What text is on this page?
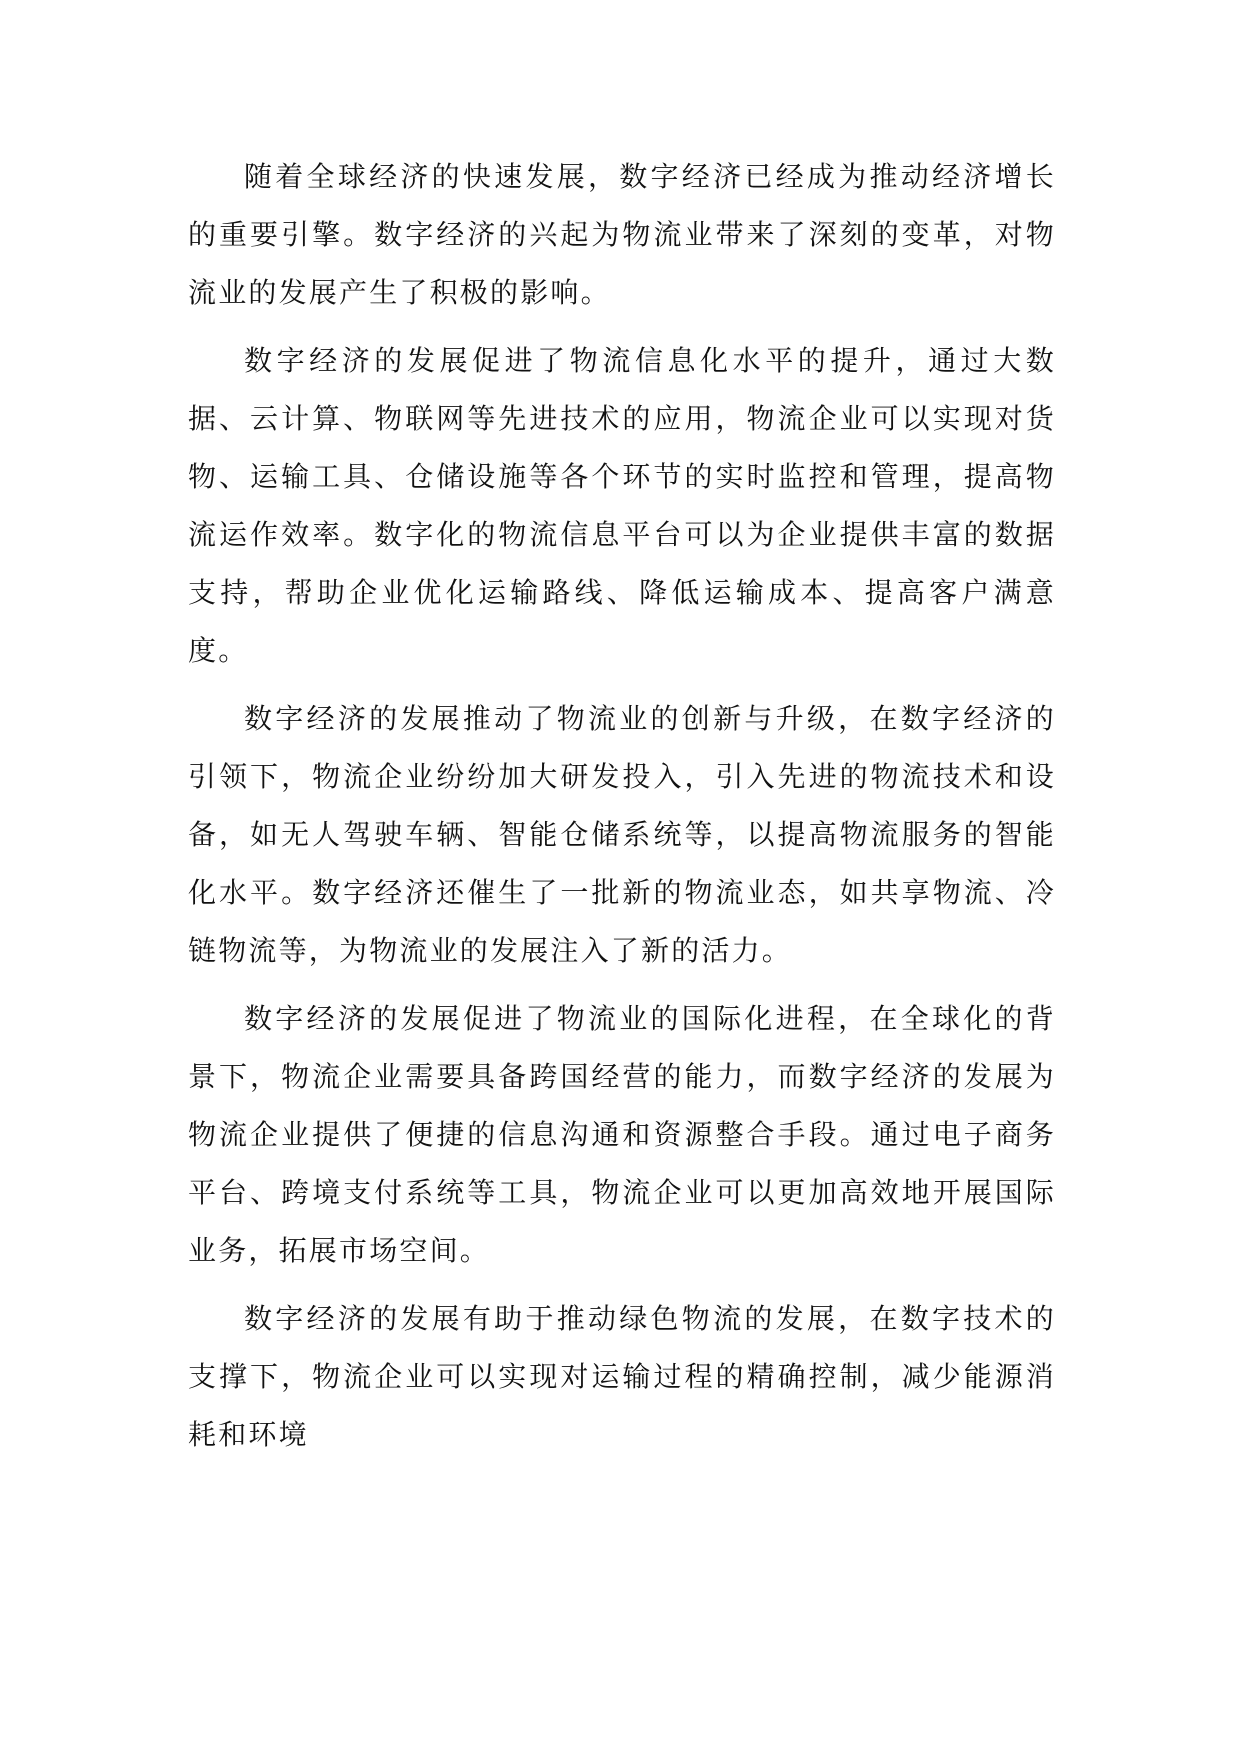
随着全球经济的快速发展，数字经济已经成为推动经济增长的重要引擎。数字经济的兴起为物流业带来了深刻的变革，对物流业的发展产生了积极的影响。

数字经济的发展促进了物流信息化水平的提升，通过大数据、云计算、物联网等先进技术的应用，物流企业可以实现对货物、运输工具、仓储设施等各个环节的实时监控和管理，提高物流运作效率。数字化的物流信息平台可以为企业提供丰富的数据支持，帮助企业优化运输路线、降低运输成本、提高客户满意度。

数字经济的发展推动了物流业的创新与升级，在数字经济的引领下，物流企业纷纷加大研发投入，引入先进的物流技术和设备，如无人驾驶车辆、智能仓储系统等，以提高物流服务的智能化水平。数字经济还催生了一批新的物流业态，如共享物流、冷链物流等，为物流业的发展注入了新的活力。

数字经济的发展促进了物流业的国际化进程，在全球化的背景下，物流企业需要具备跨国经营的能力，而数字经济的发展为物流企业提供了便捷的信息沟通和资源整合手段。通过电子商务平台、跨境支付系统等工具，物流企业可以更加高效地开展国际业务，拓展市场空间。

数字经济的发展有助于推动绿色物流的发展，在数字技术的支撑下，物流企业可以实现对运输过程的精确控制，减少能源消耗和环境
